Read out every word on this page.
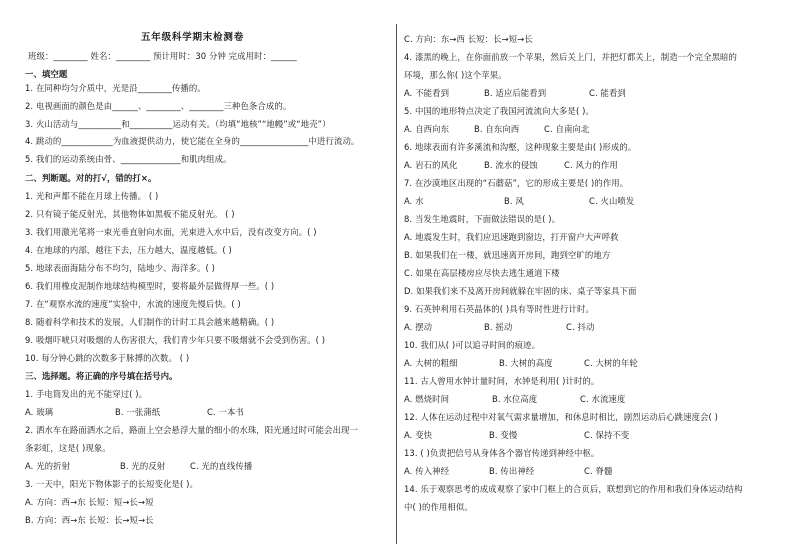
五年级科学期末检测卷
班级：________ 姓名：________ 预计用时：30 分钟 完成用时：______
一、填空题
1. 在同种均匀介质中，光是沿________传播的。
2. 电视画面的颜色是由______、________、________三种色条合成的。
3. 火山活动与__________和__________运动有关。（均填“地核”“地幔”或“地壳”）
4. 跳动的____________为血液提供动力，使它能在全身的________________中进行流动。
5. 我们的运动系统由骨、______________和肌肉组成。
二、判断题。对的打√，错的打×。
1. 光和声都不能在月球上传播。 ( )
2. 只有镜子能反射光，其他物体如黑板不能反射光。 ( )
3. 我们用激光笔将一束光垂直射向水面，光束进入水中后，没有改变方向。( )
4. 在地球的内部，越往下去，压力越大，温度越低。( )
5. 地球表面海陆分布不均匀，陆地少、海洋多。( )
6. 我们用橡皮泥制作地球结构模型时，要将最外层做得厚一些。( )
7. 在“观察水流的速度”实验中，水流的速度先慢后快。( )
8. 随着科学和技术的发展，人们制作的计时工具会越来越精确。( )
9. 吸烟吓唬只对吸烟的人伤害很大，我们青少年只要不吸烟就不会受到伤害。( )
10. 每分钟心跳的次数多于脉搏的次数。 ( )
三、选择题。将正确的序号填在括号内。
1. 手电筒发出的光不能穿过( )。
A. 玻璃	B. 一张蒲纸	C. 一本书
2. 洒水车在路面洒水之后，路面上空会悬浮大量的细小的水珠，阳光通过时可能会出现一
条彩虹，这是( )现象。
A. 光的折射	B. 光的反射	C. 光的直线传播
3. 一天中，阳光下物体影子的长短变化是( )。
A. 方向：西→东 长短：短→长→短
B. 方向：西→东 长短：长→短→长
C. 方向：东→西 长短：长→短→长
4. 漆黑的晚上，在你面前放一个苹果，然后关上门，并把灯都关上，制造一个完全黑暗的
环境，那么你( )这个苹果。
A. 不能看到	B. 适应后能看到	C. 能看到
5. 中国的地形特点决定了我国河流流向大多是( )。
A. 自西向东	B. 自东向西	C. 自南向北
6. 地球表面有许多溪流和沟壑，这种现象主要是由( )形成的。
A. 岩石的风化	B. 流水的侵蚀	C. 风力的作用
7. 在沙漠地区出现的“石蘑菇”，它的形成主要是( )的作用。
A. 水	B. 风	C. 火山喷发
8. 当发生地震时，下面做法错误的是( )。
A. 地震发生时，我们应迅速跑到窗边，打开窗户大声呼救
B. 如果我们在一楼，就迅速离开房间，跑到空旷的地方
C. 如果在高层楼房应尽快去逃生通道下楼
D. 如果我们来不及离开房间就躲在牢固的床、桌子等家具下面
9. 石英钟利用石英晶体的( )具有等时性进行计时。
A. 摆动	B. 摇动	C. 抖动
10. 我们从( )可以追寻时间的痕迹。
A. 大树的粗细	B. 大树的高度	C. 大树的年轮
11. 古人曾用水钟计量时间，水钟是利用( )计时的。
A. 燃烧时间	B. 水位高度	C. 水流速度
12. 人体在运动过程中对氧气需求量增加，和休息时相比，剧烈运动后心跳速度会( )
A. 变快	B. 变慢	C. 保持不变
13. ( )负责把信号从身体各个器官传递到神经中枢。
A. 传入神经	B. 传出神经	C. 脊髓
14. 乐于观察思考的成成观察了家中门框上的合页后，联想到它的作用和我们身体运动结构
中( )的作用相似。
